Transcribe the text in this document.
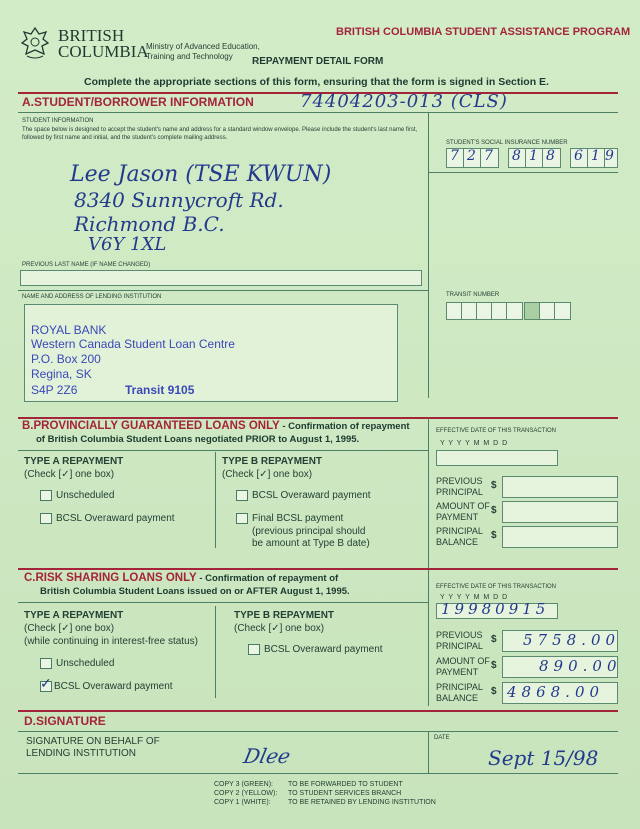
BRITISH
COLUMBIA
Ministry of Advanced Education,
Training and Technology
BRITISH COLUMBIA STUDENT ASSISTANCE PROGRAM
REPAYMENT DETAIL FORM
Complete the appropriate sections of this form, ensuring that the form is signed in Section E.
A.STUDENT/BORROWER INFORMATION	74404203-013 (CLS)
STUDENT INFORMATION
The space below is designed to accept the student's name and address for a standard window envelope. Please include the student's last name first, followed by first name and initial, and the student's complete mailing address.
STUDENT'S SOCIAL INSURANCE NUMBER
7 2 7 8 1 8 6 1 9
Lee Jason (TSE KWUN)
8340 Sunnycroft Rd.
Richmond B.C.
V6Y 1XL
PREVIOUS LAST NAME (IF NAME CHANGED)
NAME AND ADDRESS OF LENDING INSTITUTION
ROYAL BANK
Western Canada Student Loan Centre
P.O. Box 200
Regina, SK
S4P 2Z6	Transit 9105
TRANSIT NUMBER
B.PROVINCIALLY GUARANTEED LOANS ONLY - Confirmation of repayment
of British Columbia Student Loans negotiated PRIOR to August 1, 1995.
TYPE A REPAYMENT
(Check [✓] one box)
Unscheduled
BCSL Overaward payment
TYPE B REPAYMENT
(Check [✓] one box)
BCSL Overaward payment
Final BCSL payment
(previous principal should
be amount at Type B date)
EFFECTIVE DATE OF THIS TRANSACTION
Y Y Y Y M M D D
PREVIOUS
PRINCIPAL
$
AMOUNT OF
PAYMENT
$
PRINCIPAL
BALANCE
$
C.RISK SHARING LOANS ONLY - Confirmation of repayment of
British Columbia Student Loans issued on or AFTER August 1, 1995.
TYPE A REPAYMENT
(Check [✓] one box)
(while continuing in interest-free status)
Unscheduled
✓ BCSL Overaward payment
TYPE B REPAYMENT
(Check [✓] one box)
BCSL Overaward payment
EFFECTIVE DATE OF THIS TRANSACTION
Y Y Y Y M M D D
19980915
PREVIOUS
PRINCIPAL
$ 5758.00
AMOUNT OF
PAYMENT
$	890.00
PRINCIPAL
BALANCE
$ 4868.00
D.SIGNATURE
SIGNATURE ON BEHALF OF
LENDING INSTITUTION	Dlee
DATE
Sept 15/98
COPY 3 (GREEN): TO BE FORWARDED TO STUDENT
COPY 2 (YELLOW): TO STUDENT SERVICES BRANCH
COPY 1 (WHITE): TO BE RETAINED BY LENDING INSTITUTION
